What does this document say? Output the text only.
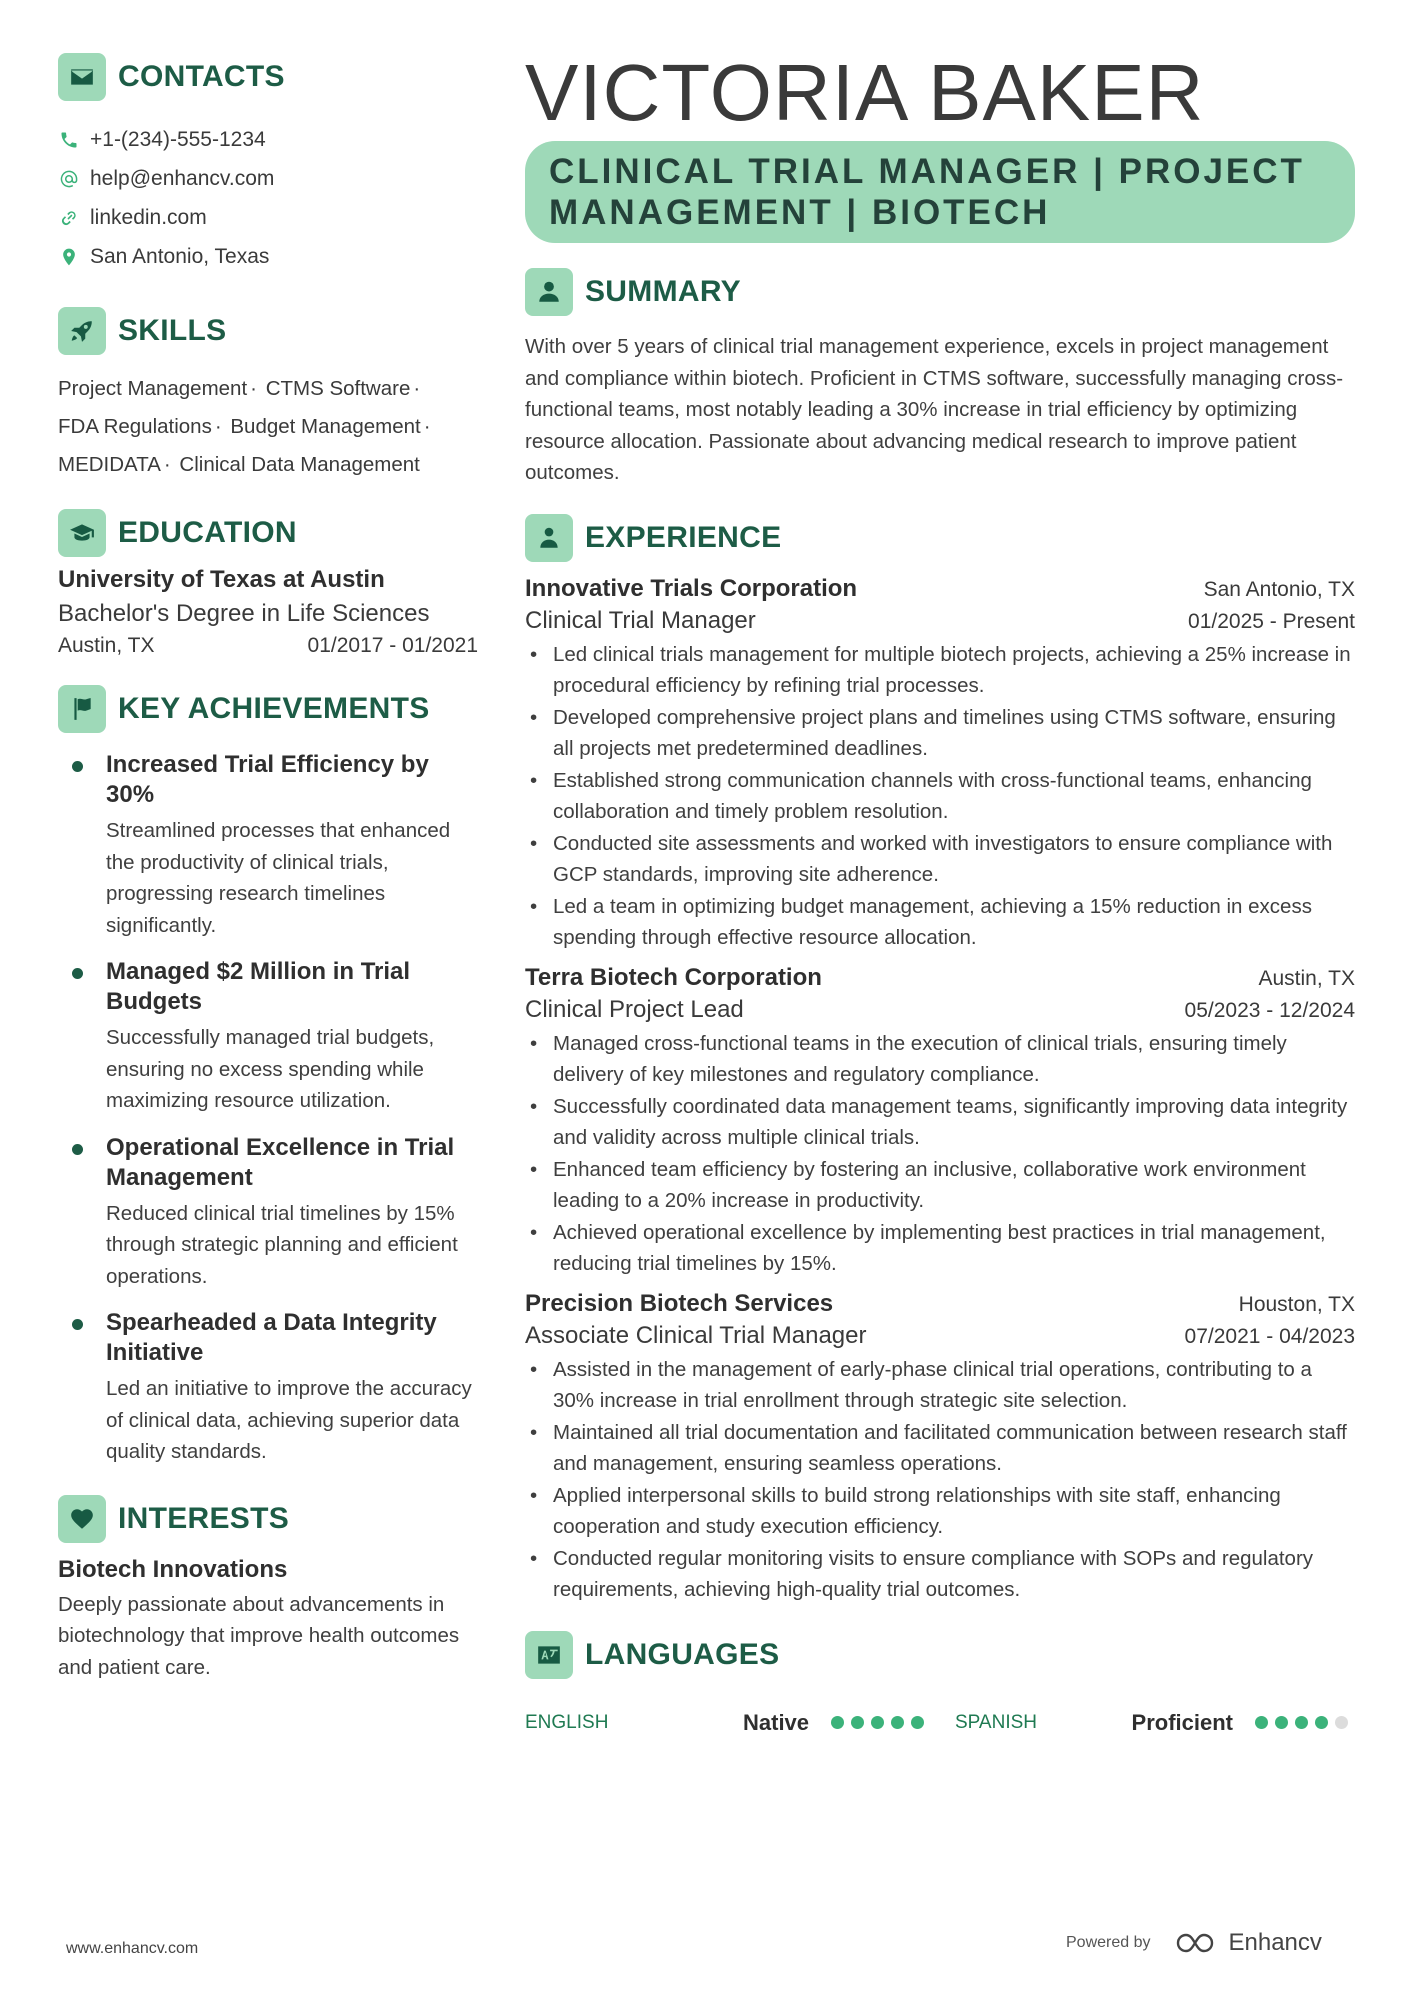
CONTACTS
+1-(234)-555-1234
help@enhancv.com
linkedin.com
San Antonio, Texas
SKILLS
Project Management · CTMS Software ·
FDA Regulations · Budget Management ·
MEDIDATA · Clinical Data Management
EDUCATION
University of Texas at Austin
Bachelor's Degree in Life Sciences
Austin, TX	01/2017 - 01/2021
KEY ACHIEVEMENTS
Increased Trial Efficiency by 30%
Streamlined processes that enhanced the productivity of clinical trials, progressing research timelines significantly.
Managed $2 Million in Trial Budgets
Successfully managed trial budgets, ensuring no excess spending while maximizing resource utilization.
Operational Excellence in Trial Management
Reduced clinical trial timelines by 15% through strategic planning and efficient operations.
Spearheaded a Data Integrity Initiative
Led an initiative to improve the accuracy of clinical data, achieving superior data quality standards.
INTERESTS
Biotech Innovations
Deeply passionate about advancements in biotechnology that improve health outcomes and patient care.
VICTORIA BAKER
CLINICAL TRIAL MANAGER | PROJECT MANAGEMENT | BIOTECH
SUMMARY
With over 5 years of clinical trial management experience, excels in project management and compliance within biotech. Proficient in CTMS software, successfully managing cross-functional teams, most notably leading a 30% increase in trial efficiency by optimizing resource allocation. Passionate about advancing medical research to improve patient outcomes.
EXPERIENCE
Innovative Trials Corporation	San Antonio, TX
Clinical Trial Manager	01/2025 - Present
• Led clinical trials management for multiple biotech projects, achieving a 25% increase in procedural efficiency by refining trial processes.
• Developed comprehensive project plans and timelines using CTMS software, ensuring all projects met predetermined deadlines.
• Established strong communication channels with cross-functional teams, enhancing collaboration and timely problem resolution.
• Conducted site assessments and worked with investigators to ensure compliance with GCP standards, improving site adherence.
• Led a team in optimizing budget management, achieving a 15% reduction in excess spending through effective resource allocation.
Terra Biotech Corporation	Austin, TX
Clinical Project Lead	05/2023 - 12/2024
• Managed cross-functional teams in the execution of clinical trials, ensuring timely delivery of key milestones and regulatory compliance.
• Successfully coordinated data management teams, significantly improving data integrity and validity across multiple clinical trials.
• Enhanced team efficiency by fostering an inclusive, collaborative work environment leading to a 20% increase in productivity.
• Achieved operational excellence by implementing best practices in trial management, reducing trial timelines by 15%.
Precision Biotech Services	Houston, TX
Associate Clinical Trial Manager	07/2021 - 04/2023
• Assisted in the management of early-phase clinical trial operations, contributing to a 30% increase in trial enrollment through strategic site selection.
• Maintained all trial documentation and facilitated communication between research staff and management, ensuring seamless operations.
• Applied interpersonal skills to build strong relationships with site staff, enhancing cooperation and study execution efficiency.
• Conducted regular monitoring visits to ensure compliance with SOPs and regulatory requirements, achieving high-quality trial outcomes.
LANGUAGES
ENGLISH	Native	SPANISH	Proficient
www.enhancv.com	Powered by	Enhancv
